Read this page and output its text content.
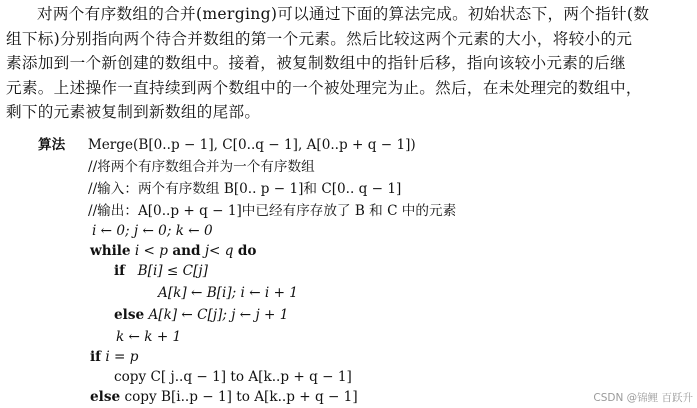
对两个有序数组的合并(merging)可以通过下面的算法完成。初始状态下，两个指针(数
组下标)分别指向两个待合并数组的第一个元素。然后比较这两个元素的大小，将较小的元
素添加到一个新创建的数组中。接着，被复制数组中的指针后移，指向该较小元素的后继
元素。上述操作一直持续到两个数组中的一个被处理完为止。然后，在未处理完的数组中，
剩下的元素被复制到新数组的尾部。
算法 Merge(B[0..p − 1], C[0..q − 1], A[0..p + q − 1])
//将两个有序数组合并为一个有序数组
//输入：两个有序数组 B[0.. p − 1]和 C[0.. q − 1]
//输出：A[0..p + q − 1]中已经有序存放了 B 和 C 中的元素
i ← 0; j ← 0; k ← 0
while i < p and j< q do
if B[i] ≤ C[j]
A[k] ← B[i]; i ← i + 1
else A[k] ← C[j]; j ← j + 1
k ← k + 1
if i = p
copy C[ j..q − 1] to A[k..p + q − 1]
else copy B[i..p − 1] to A[k..p + q − 1]	CSDN @锦鲤 百跃升
